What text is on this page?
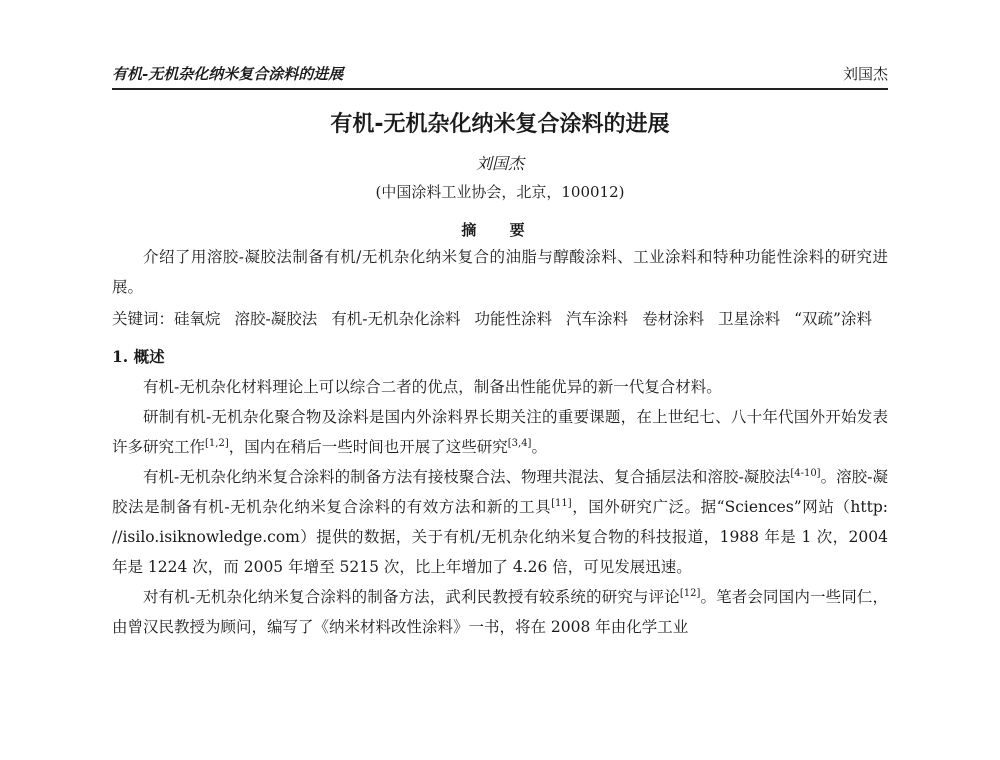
有机-无机杂化纳米复合涂料的进展	刘国杰
有机-无机杂化纳米复合涂料的进展
刘国杰
(中国涂料工业协会，北京，100012)
摘 要

介绍了用溶胶-凝胶法制备有机/无机杂化纳米复合的油脂与醇酸涂料、工业涂料和特种功能性涂料的研究进展。

关键词：硅氧烷 溶胶-凝胶法 有机-无机杂化涂料 功能性涂料 汽车涂料 卷材涂料 卫星涂料 “双疏”涂料

1. 概述

有机-无机杂化材料理论上可以综合二者的优点，制备出性能优异的新一代复合材料。

研制有机-无机杂化聚合物及涂料是国内外涂料界长期关注的重要课题，在上世纪七、八十年代国外开始发表许多研究工作[1,2]，国内在稍后一些时间也开展了这些研究[3,4]。

有机-无机杂化纳米复合涂料的制备方法有接枝聚合法、物理共混法、复合插层法和溶胶-凝胶法[4-10]。溶胶-凝胶法是制备有机-无机杂化纳米复合涂料的有效方法和新的工具[11]，国外研究广泛。据“Sciences”网站（http: //isilo.isiknowledge.com）提供的数据，关于有机/无机杂化纳米复合物的科技报道，1988 年是 1 次，2004 年是 1224 次，而 2005 年增至 5215 次，比上年增加了 4.26 倍，可见发展迅速。

对有机-无机杂化纳米复合涂料的制备方法，武利民教授有较系统的研究与评论[12]。笔者会同国内一些同仁，由曾汉民教授为顾问，编写了《纳米材料改性涂料》一书，将在 2008 年由化学工业
